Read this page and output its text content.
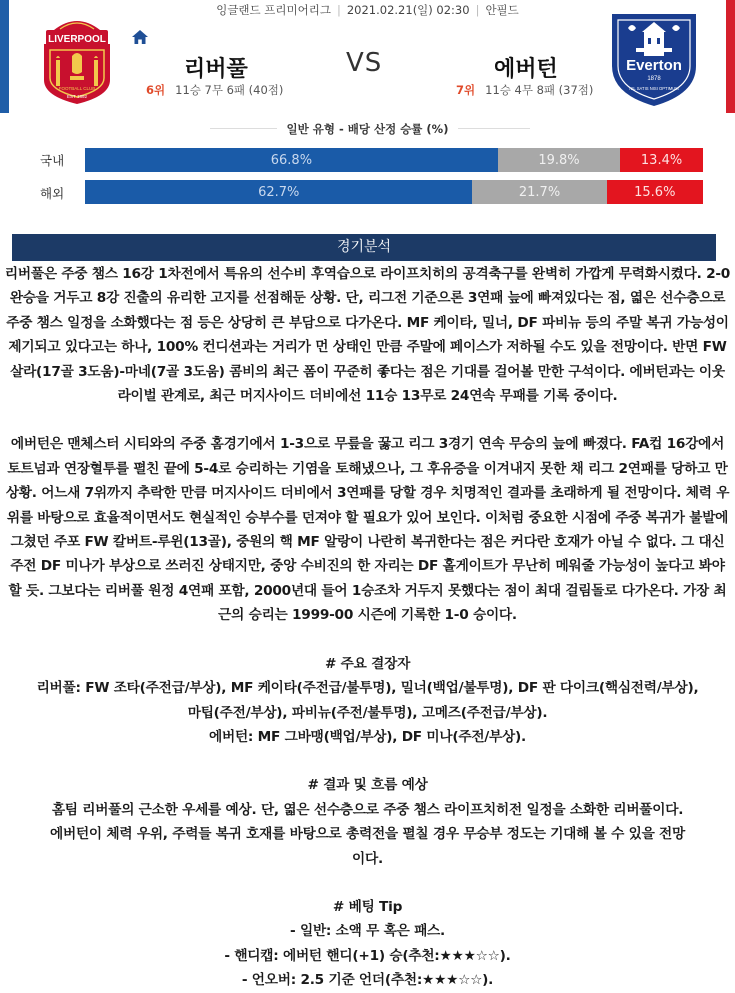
잉글랜드 프리미어리그 | 2021.02.21(일) 02:30 | 안필드
LIVERPOOL
FOOTBALL CLUB
EST 1892
Everton
1878
NIL SATIS NISI OPTIMUM
리버풀	VS	에버턴
6위 11승 7무 6패 (40점)	7위 11승 4무 8패 (37점)
일반 유형 - 배당 산정 승률 (%)
국내	66.8%	19.8%	13.4%
해외	62.7%	21.7%	15.6%
경기분석

리버풀은 주중 챔스 16강 1차전에서 특유의 선수비 후역습으로 라이프치히의 공격축구를 완벽히 가깝게 무력화시켰다. 2-0 완승을 거두고 8강 진출의 유리한 고지를 선점해둔 상황. 단, 리그전 기준으론 3연패 늪에 빠져있다는 점, 엷은 선수층으로 주중 챔스 일정을 소화했다는 점 등은 상당히 큰 부담으로 다가온다. MF 케이타, 밀너, DF 파비뉴 등의 주말 복귀 가능성이 제기되고 있다고는 하나, 100% 컨디션과는 거리가 먼 상태인 만큼 주말에 페이스가 저하될 수도 있을 전망이다. 반면 FW 살라(17골 3도움)-마네(7골 3도움) 콤비의 최근 폼이 꾸준히 좋다는 점은 기대를 걸어볼 만한 구석이다. 에버턴과는 이웃 라이벌 관계로, 최근 머지사이드 더비에선 11승 13무로 24연속 무패를 기록 중이다.

에버턴은 맨체스터 시티와의 주중 홈경기에서 1-3으로 무릎을 꿇고 리그 3경기 연속 무승의 늪에 빠졌다. FA컵 16강에서 토트넘과 연장혈투를 펼친 끝에 5-4로 승리하는 기염을 토해냈으나, 그 후유증을 이겨내지 못한 채 리그 2연패를 당하고 만 상황. 어느새 7위까지 추락한 만큼 머지사이드 더비에서 3연패를 당할 경우 치명적인 결과를 초래하게 될 전망이다. 체력 우위를 바탕으로 효율적이면서도 현실적인 승부수를 던져야 할 필요가 있어 보인다. 이처럼 중요한 시점에 주중 복귀가 불발에 그쳤던 주포 FW 칼버트-루윈(13골), 중원의 핵 MF 알랑이 나란히 복귀한다는 점은 커다란 호재가 아닐 수 없다. 그 대신 주전 DF 미나가 부상으로 쓰러진 상태지만, 중앙 수비진의 한 자리는 DF 홀게이트가 무난히 메워줄 가능성이 높다고 봐야 할 듯. 그보다는 리버풀 원정 4연패 포함, 2000년대 들어 1승조차 거두지 못했다는 점이 최대 걸림돌로 다가온다. 가장 최근의 승리는 1999-00 시즌에 기록한 1-0 승이다.

# 주요 결장자
리버풀: FW 조타(주전급/부상), MF 케이타(주전급/불투명), 밀너(백업/불투명), DF 판 다이크(핵심전력/부상),
마팁(주전/부상), 파비뉴(주전/불투명), 고메즈(주전급/부상).
에버턴: MF 그바맹(백업/부상), DF 미나(주전/부상).
# 결과 및 흐름 예상
홈팀 리버풀의 근소한 우세를 예상. 단, 엷은 선수층으로 주중 챔스 라이프치히전 일정을 소화한 리버풀이다.
에버턴이 체력 우위, 주력들 복귀 호재를 바탕으로 총력전을 펼칠 경우 무승부 정도는 기대해 볼 수 있을 전망
이다.
# 베팅 Tip
- 일반: 소액 무 혹은 패스.
- 핸디캡: 에버턴 핸디(+1) 승(추천:★★★☆☆).
- 언오버: 2.5 기준 언더(추천:★★★☆☆).
